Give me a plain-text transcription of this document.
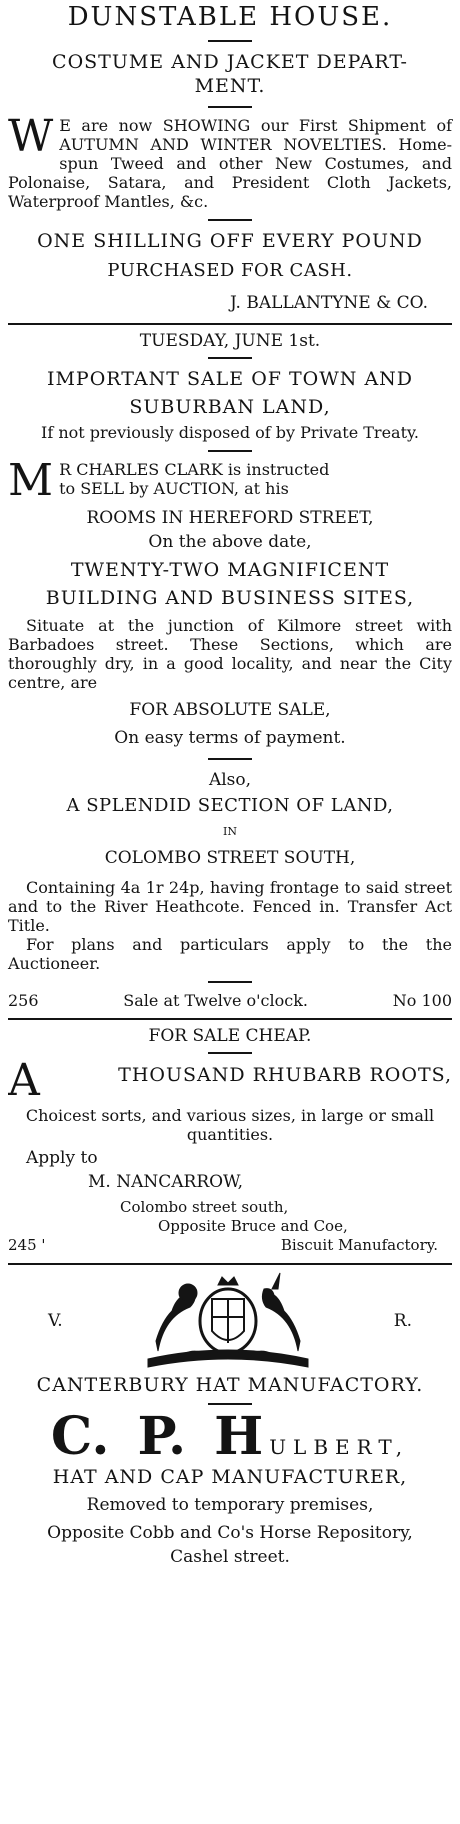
DUNSTABLE HOUSE.
COSTUME AND JACKET DEPART-
MENT.
W E are now SHOWING our First Shipment of AUTUMN AND WINTER NOVELTIES. Home-spun Tweed and other New Costumes, and Polonaise, Satara, and President Cloth Jackets, Waterproof Mantles, &c.
ONE SHILLING OFF EVERY POUND
PURCHASED FOR CASH.
J. BALLANTYNE & CO.
TUESDAY, JUNE 1st.
IMPORTANT SALE OF TOWN AND
SUBURBAN LAND,
If not previously disposed of by Private Treaty.
M R CHARLES CLARK is instructed
to SELL by AUCTION, at his
ROOMS IN HEREFORD STREET,
On the above date,
TWENTY-TWO MAGNIFICENT
BUILDING AND BUSINESS SITES,
Situate at the junction of Kilmore street with Barbadoes street. These Sections, which are thoroughly dry, in a good locality, and near the City centre, are
FOR ABSOLUTE SALE,
On easy terms of payment.
Also,
A SPLENDID SECTION OF LAND,
IN
COLOMBO STREET SOUTH,
Containing 4a 1r 24p, having frontage to said street and to the River Heathcote. Fenced in. Transfer Act Title.
For plans and particulars apply to the the Auctioneer.
256	Sale at Twelve o'clock.	No 100
FOR SALE CHEAP.
A	THOUSAND RHUBARB ROOTS,
Choicest sorts, and various sizes, in large or small quantities.
Apply to
M. NANCARROW,
Colombo street south,
Opposite Bruce and Coe,
245 '	Biscuit Manufactory.
V.	R.
CANTERBURY HAT MANUFACTORY.
C. P. H ULBERT,
HAT AND CAP MANUFACTURER,
Removed to temporary premises,
Opposite Cobb and Co's Horse Repository,
Cashel street.
